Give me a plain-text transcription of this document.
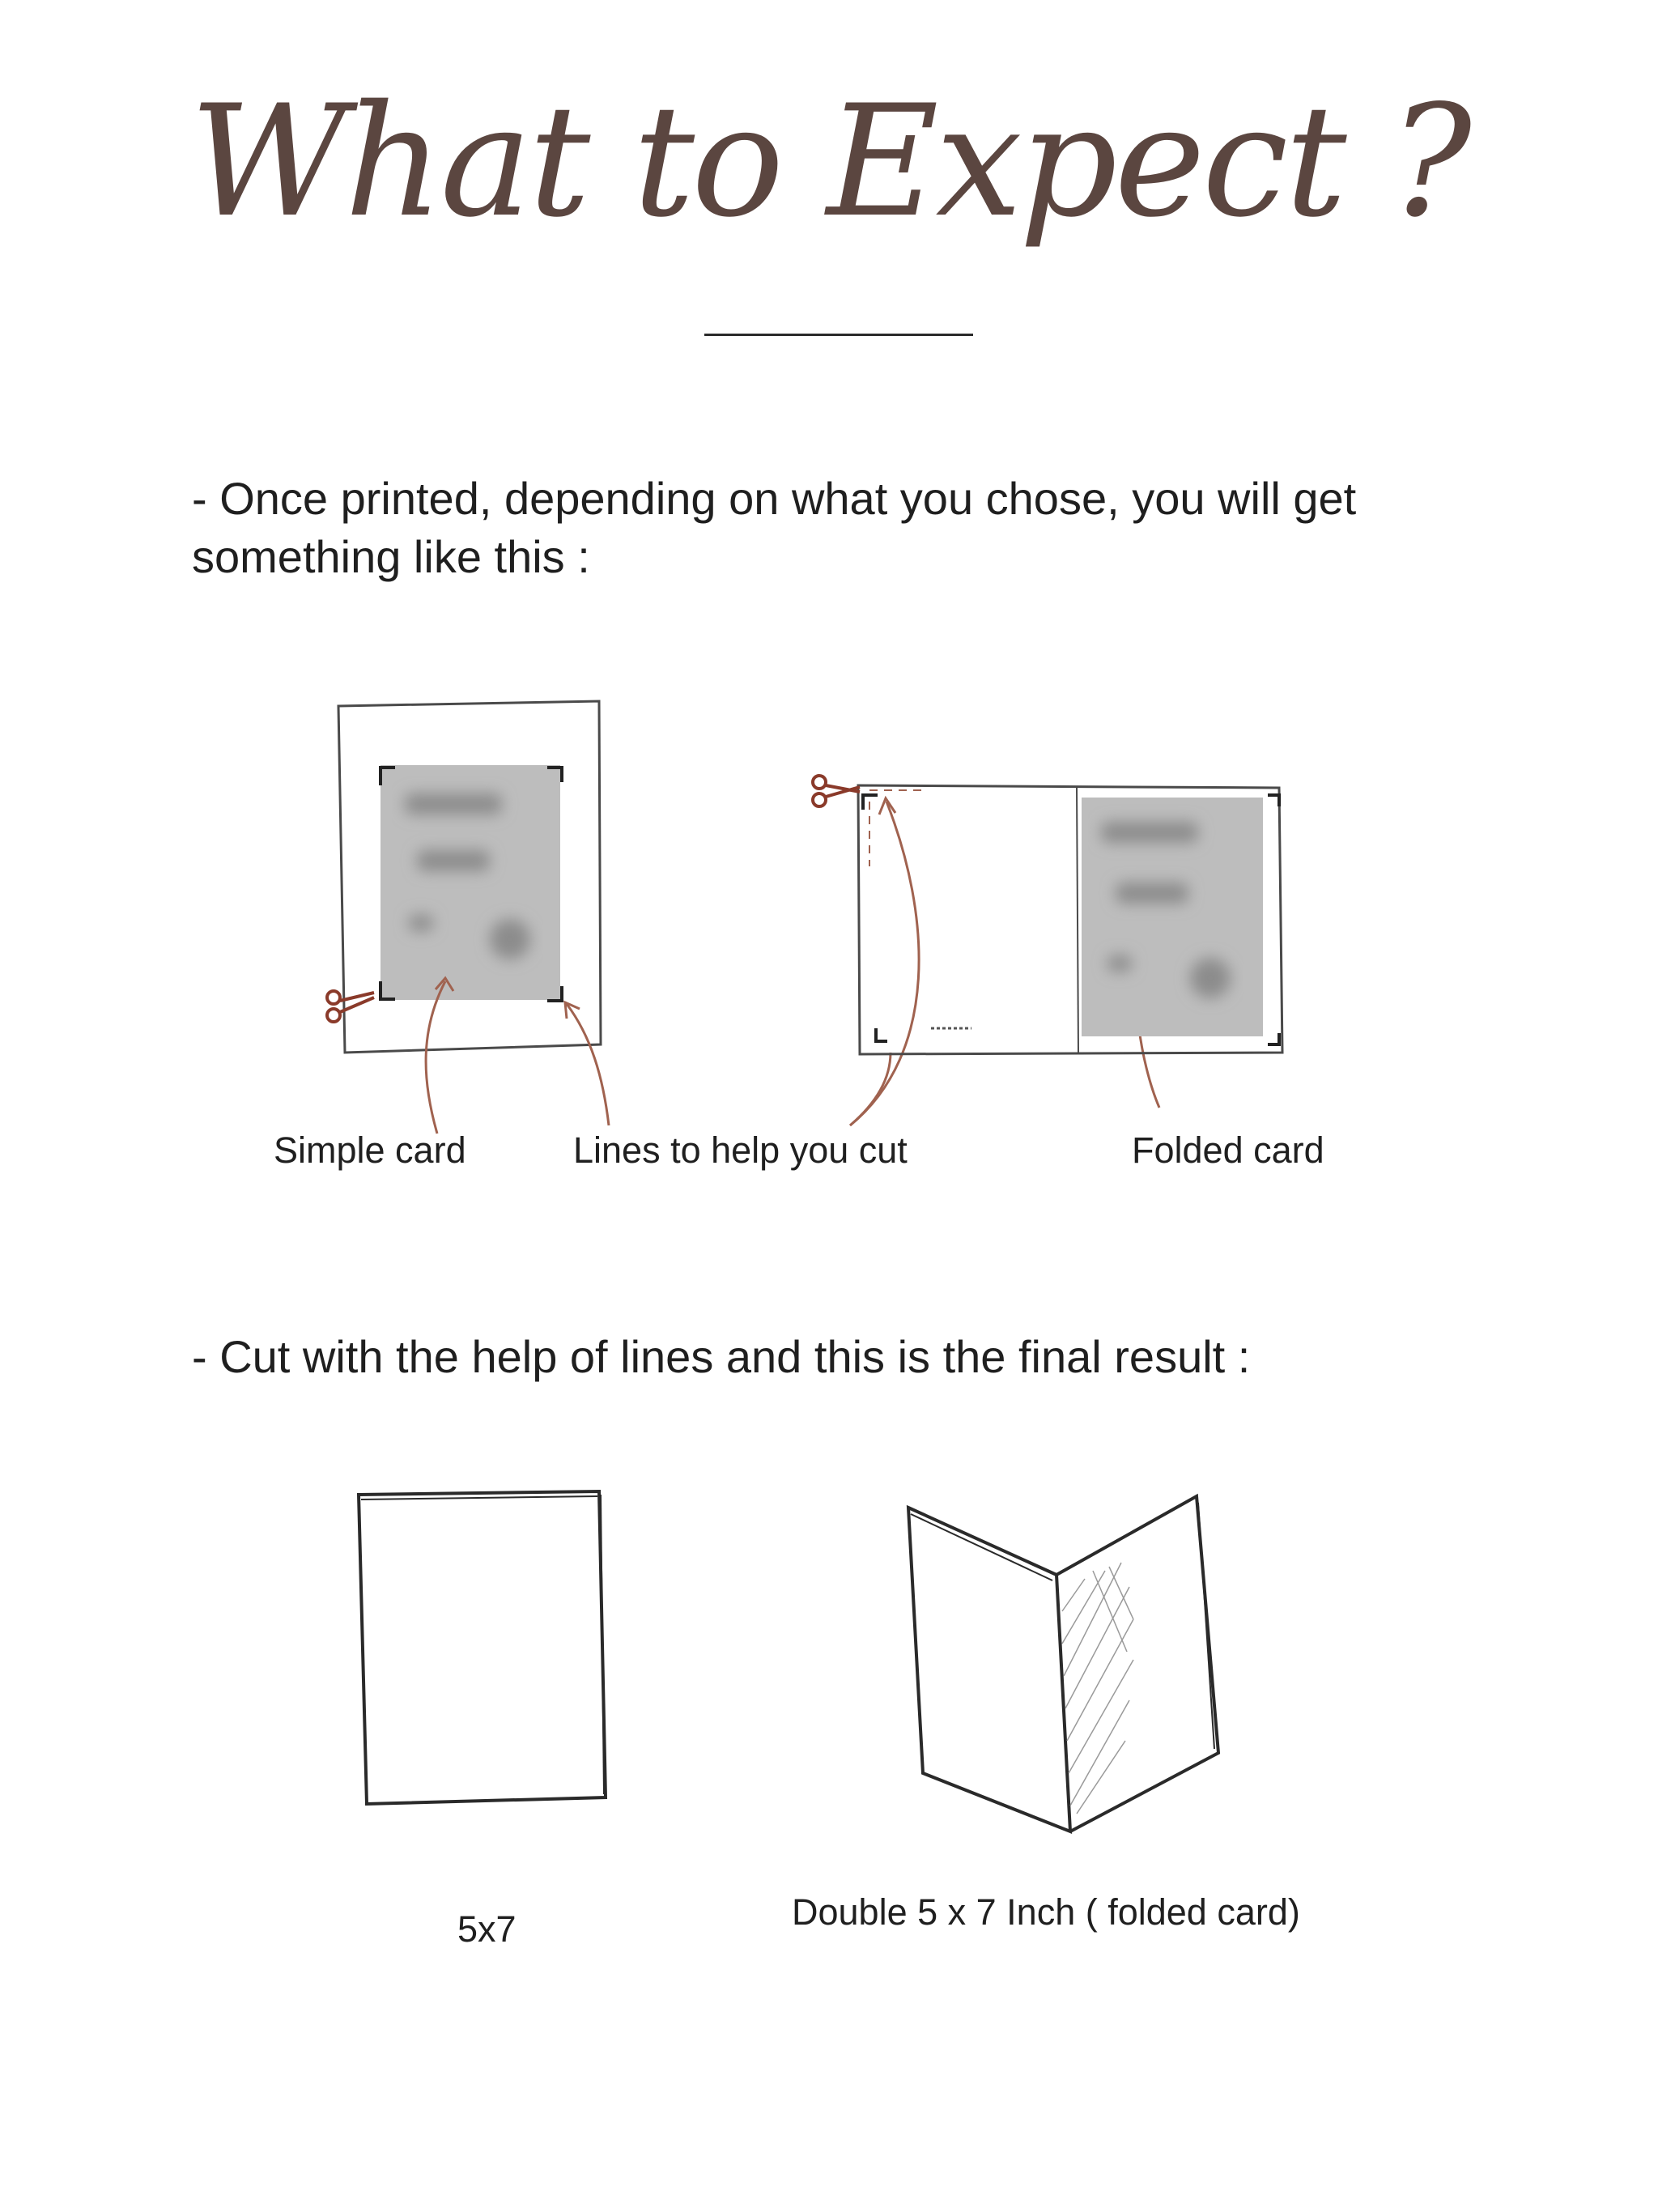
What to Expect ?
- Once printed, depending on what you chose, you will get something like this :
Simple card	Lines to help you cut	Folded card
- Cut with the help of lines and this is the final result :
5x7	Double 5 x 7 Inch ( folded card)
